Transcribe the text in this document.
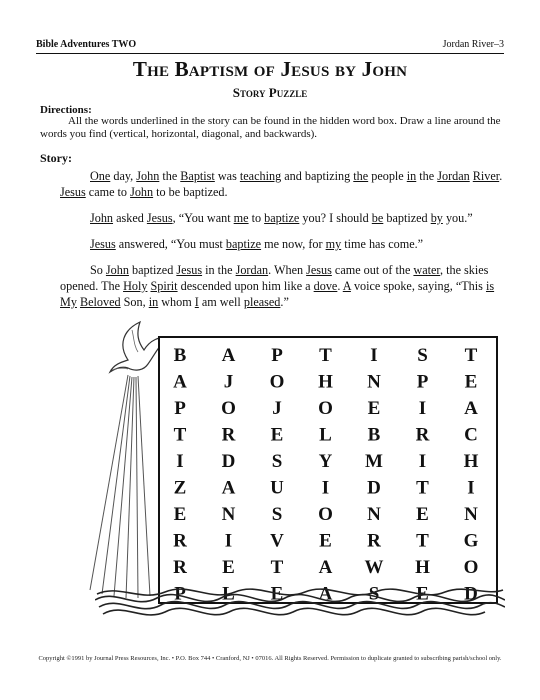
Bible Adventures TWO	Jordan River–3
The Baptism of Jesus by John
Story Puzzle
Directions:
All the words underlined in the story can be found in the hidden word box. Draw a line around the words you find (vertical, horizontal, diagonal, and backwards).
Story:

One day, John the Baptist was teaching and baptizing the people in the Jordan River. Jesus came to John to be baptized.

John asked Jesus, “You want me to baptize you? I should be baptized by you.”

Jesus answered, “You must baptize me now, for my time has come.”

So John baptized Jesus in the Jordan. When Jesus came out of the water, the skies opened. The Holy Spirit descended upon him like a dove. A voice spoke, saying, “This is My Beloved Son, in whom I am well pleased.”

B A P T I S T
A J O H N P E
P O J O E I A
T R E L B R C
I D S Y M I H
Z A U I D T I
E N S O N E N
R I V E R T G
R E T A W H O
P L E A S E D
Copyright ©1991 by Journal Press Resources, Inc. • P.O. Box 744 • Cranford, NJ • 07016. All Rights Reserved. Permission to duplicate granted to subscribing parish/school only.
